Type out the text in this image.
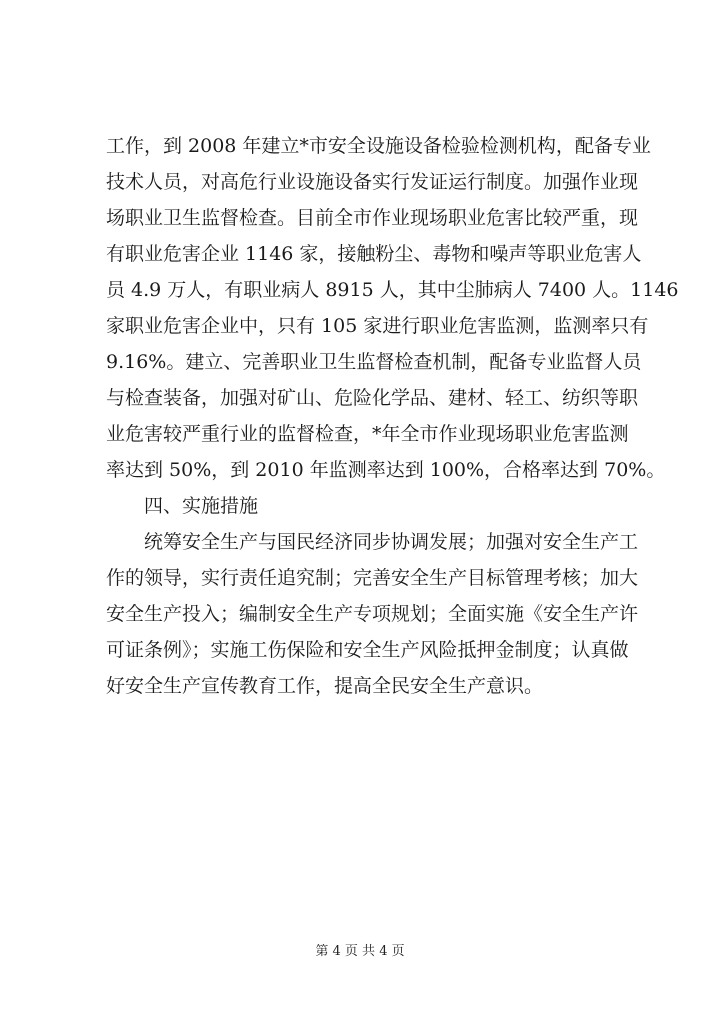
工作，到 2008 年建立*市安全设施设备检验检测机构，配备专业
技术人员，对高危行业设施设备实行发证运行制度。加强作业现
场职业卫生监督检查。目前全市作业现场职业危害比较严重，现
有职业危害企业 1146 家，接触粉尘、毒物和噪声等职业危害人
员 4.9 万人，有职业病人 8915 人，其中尘肺病人 7400 人。1146
家职业危害企业中，只有 105 家进行职业危害监测，监测率只有
9.16%。建立、完善职业卫生监督检查机制，配备专业监督人员
与检查装备，加强对矿山、危险化学品、建材、轻工、纺织等职
业危害较严重行业的监督检查，*年全市作业现场职业危害监测
率达到 50%，到 2010 年监测率达到 100%，合格率达到 70%。
四、实施措施
统筹安全生产与国民经济同步协调发展；加强对安全生产工
作的领导，实行责任追究制；完善安全生产目标管理考核；加大
安全生产投入；编制安全生产专项规划；全面实施《安全生产许
可证条例》；实施工伤保险和安全生产风险抵押金制度；认真做
好安全生产宣传教育工作，提高全民安全生产意识。
第 4 页 共 4 页
